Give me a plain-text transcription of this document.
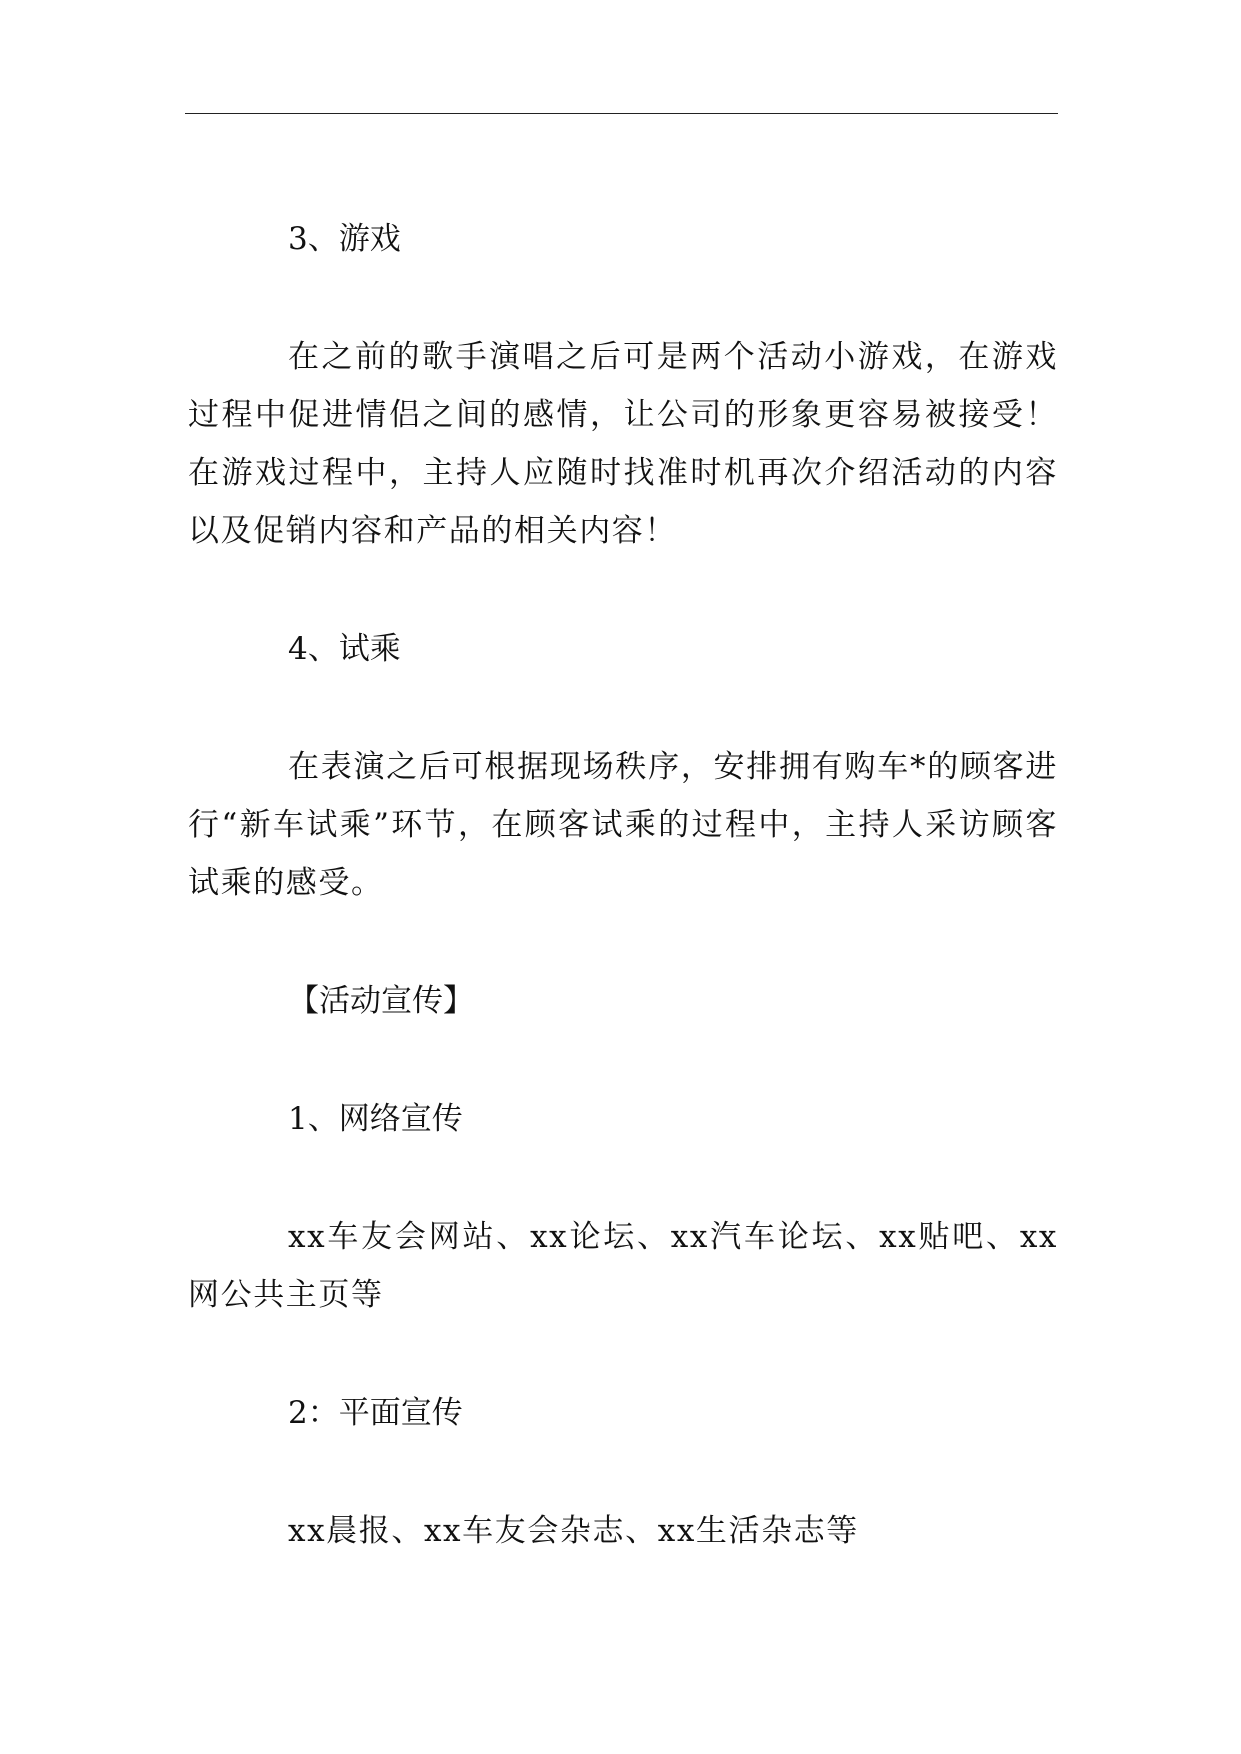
3、游戏

在之前的歌手演唱之后可是两个活动小游戏，在游戏过程中促进情侣之间的感情，让公司的形象更容易被接受！在游戏过程中，主持人应随时找准时机再次介绍活动的内容以及促销内容和产品的相关内容！

4、试乘

在表演之后可根据现场秩序，安排拥有购车*的顾客进行“新车试乘”环节，在顾客试乘的过程中，主持人采访顾客试乘的感受。

【活动宣传】

1、网络宣传

xx车友会网站、xx论坛、xx汽车论坛、xx贴吧、xx网公共主页等

2：平面宣传

xx晨报、xx车友会杂志、xx生活杂志等
